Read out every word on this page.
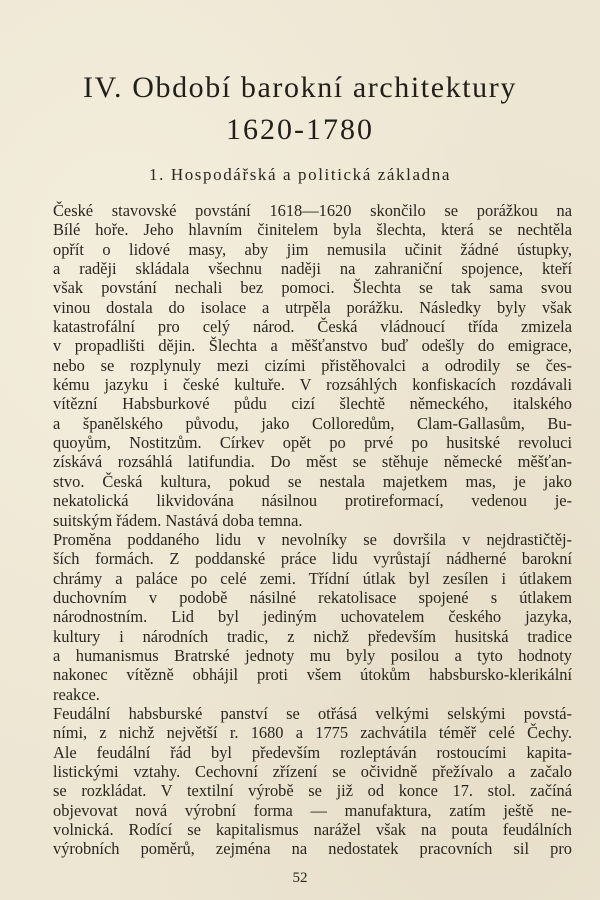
IV. Období barokní architektury
1620-1780
1. Hospodářská a politická základna
České stavovské povstání 1618—1620 skončilo se porážkou na
Bílé hoře. Jeho hlavním činitelem byla šlechta, která se nechtěla
opřít o lidové masy, aby jim nemusila učinit žádné ústupky,
a raději skládala všechnu naději na zahraniční spojence, kteří
však povstání nechali bez pomoci. Šlechta se tak sama svou
vinou dostala do isolace a utrpěla porážku. Následky byly však
katastrofální pro celý národ. Česká vládnoucí třída zmizela
v propadlišti dějin. Šlechta a měšťanstvo buď odešly do emigrace,
nebo se rozplynuly mezi cizími přistěhovalci a odrodily se čes-
kému jazyku i české kultuře. V rozsáhlých konfiskacích rozdávali
vítězní Habsburkové půdu cizí šlechtě německého, italského
a španělského původu, jako Colloredům, Clam-Gallasům, Bu-
quoyům, Nostitzům. Církev opět po prvé po husitské revoluci
získává rozsáhlá latifundia. Do měst se stěhuje německé měšťan-
stvo. Česká kultura, pokud se nestala majetkem mas, je jako
nekatolická likvidována násilnou protireformací, vedenou je-
suitským řádem. Nastává doba temna.
Proměna poddaného lidu v nevolníky se dovršila v nejdrastičtěj-
ších formách. Z poddanské práce lidu vyrůstají nádherné barokní
chrámy a paláce po celé zemi. Třídní útlak byl zesílen i útlakem
duchovním v podobě násilné rekatolisace spojené s útlakem
národnostním. Lid byl jediným uchovatelem českého jazyka,
kultury i národních tradic, z nichž především husitská tradice
a humanismus Bratrské jednoty mu byly posilou a tyto hodnoty
nakonec vítězně obhájil proti všem útokům habsbursko-klerikální
reakce.
Feudální habsburské panství se otřásá velkými selskými povstá-
ními, z nichž největší r. 1680 a 1775 zachvátila téměř celé Čechy.
Ale feudální řád byl především rozleptáván rostoucími kapita-
listickými vztahy. Cechovní zřízení se očividně přežívalo a začalo
se rozkládat. V textilní výrobě se již od konce 17. stol. začíná
objevovat nová výrobní forma — manufaktura, zatím ještě ne-
volnická. Rodící se kapitalismus narážel však na pouta feudálních
výrobních poměrů, zejména na nedostatek pracovních sil pro
52
